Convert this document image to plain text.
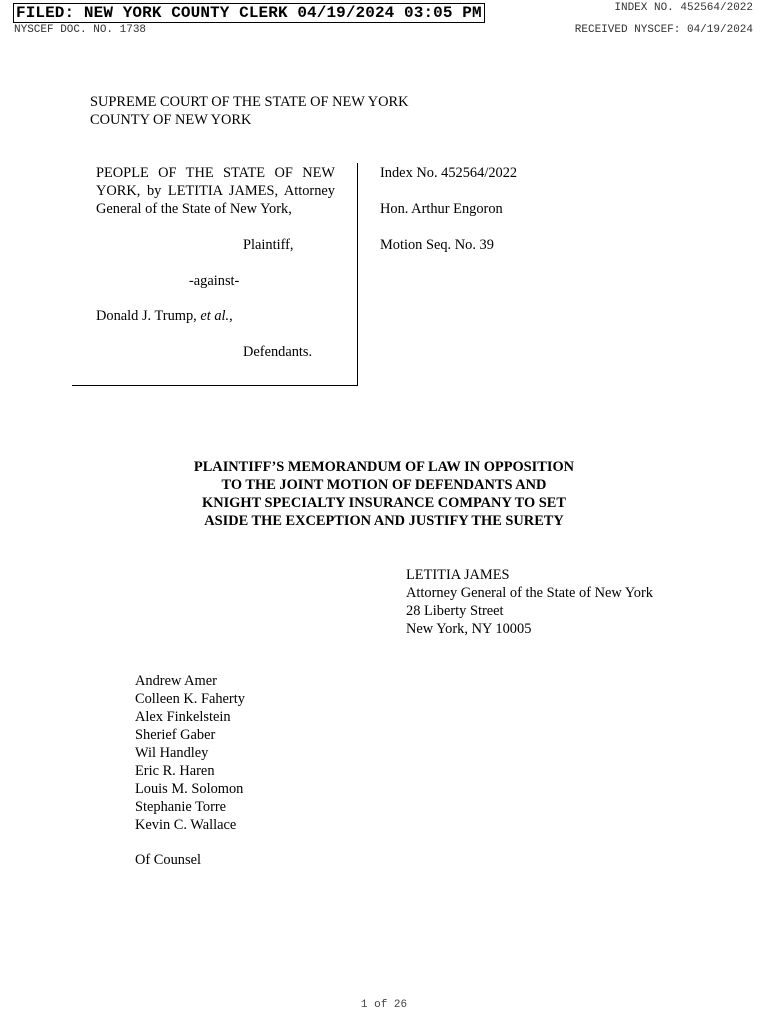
FILED: NEW YORK COUNTY CLERK 04/19/2024 03:05 PM
NYSCEF DOC. NO. 1738
INDEX NO. 452564/2022
RECEIVED NYSCEF: 04/19/2024
SUPREME COURT OF THE STATE OF NEW YORK
COUNTY OF NEW YORK
PEOPLE OF THE STATE OF NEW YORK, by LETITIA JAMES, Attorney General of the State of New York,
Plaintiff,
-against-
Donald J. Trump, et al.,
Defendants.
Index No. 452564/2022
Hon. Arthur Engoron
Motion Seq. No. 39
PLAINTIFF’S MEMORANDUM OF LAW IN OPPOSITION
TO THE JOINT MOTION OF DEFENDANTS AND
KNIGHT SPECIALTY INSURANCE COMPANY TO SET
ASIDE THE EXCEPTION AND JUSTIFY THE SURETY
LETITIA JAMES
Attorney General of the State of New York
28 Liberty Street
New York, NY 10005
Andrew Amer
Colleen K. Faherty
Alex Finkelstein
Sherief Gaber
Wil Handley
Eric R. Haren
Louis M. Solomon
Stephanie Torre
Kevin C. Wallace
Of Counsel
1 of 26
